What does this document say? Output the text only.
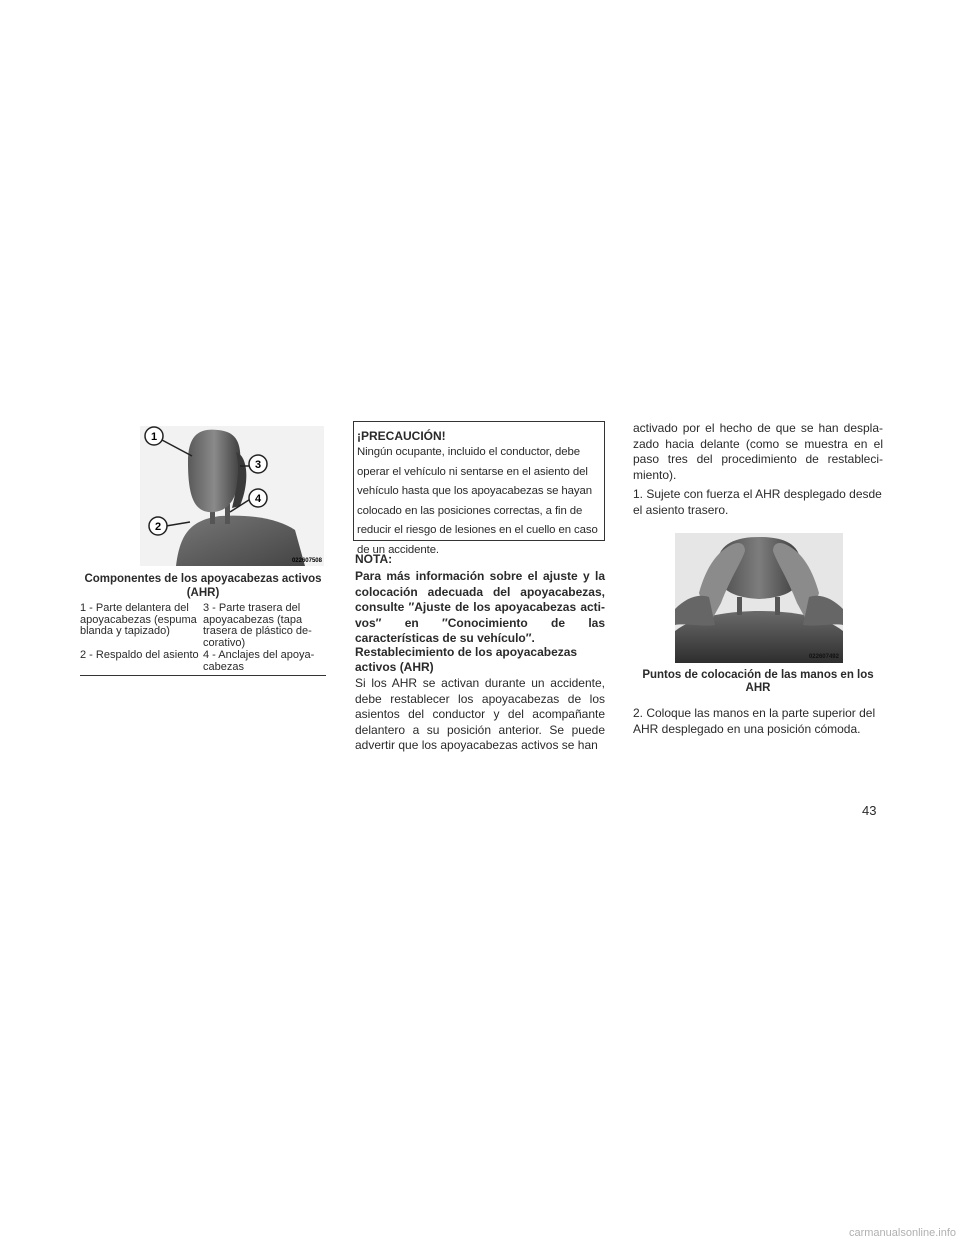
1
3
4
2
022607508
Componentes de los apoyacabezas activos (AHR)
1 - Parte delantera del apoyacabezas (espuma blanda y tapizado)
3 - Parte trasera del apoyacabezas (tapa trasera de plástico de-corativo)
2 - Respaldo del asiento 4 - Anclajes del apoya-cabezas
¡PRECAUCIÓN!
Ningún ocupante, incluido el conductor, debe operar el vehículo ni sentarse en el asiento del vehículo hasta que los apoyacabezas se hayan colocado en las posiciones correctas, a fin de reducir el riesgo de lesiones en el cuello en caso de un accidente.
NOTA:
Para más información sobre el ajuste y la colocación adecuada del apoyacabezas, consulte ″Ajuste de los apoyacabezas acti-vos″ en ″Conocimiento de las características de su vehículo″.
Restablecimiento de los apoyacabezas activos (AHR)
Si los AHR se activan durante un accidente, debe restablecer los apoyacabezas de los asientos del conductor y del acompañante delantero a su posición anterior. Se puede advertir que los apoyacabezas activos se han
activado por el hecho de que se han despla-zado hacia delante (como se muestra en el paso tres del procedimiento de restableci-miento).
1. Sujete con fuerza el AHR desplegado desde el asiento trasero.
022607492
Puntos de colocación de las manos en los AHR
2. Coloque las manos en la parte superior del AHR desplegado en una posición cómoda.
43
carmanualsonline.info
